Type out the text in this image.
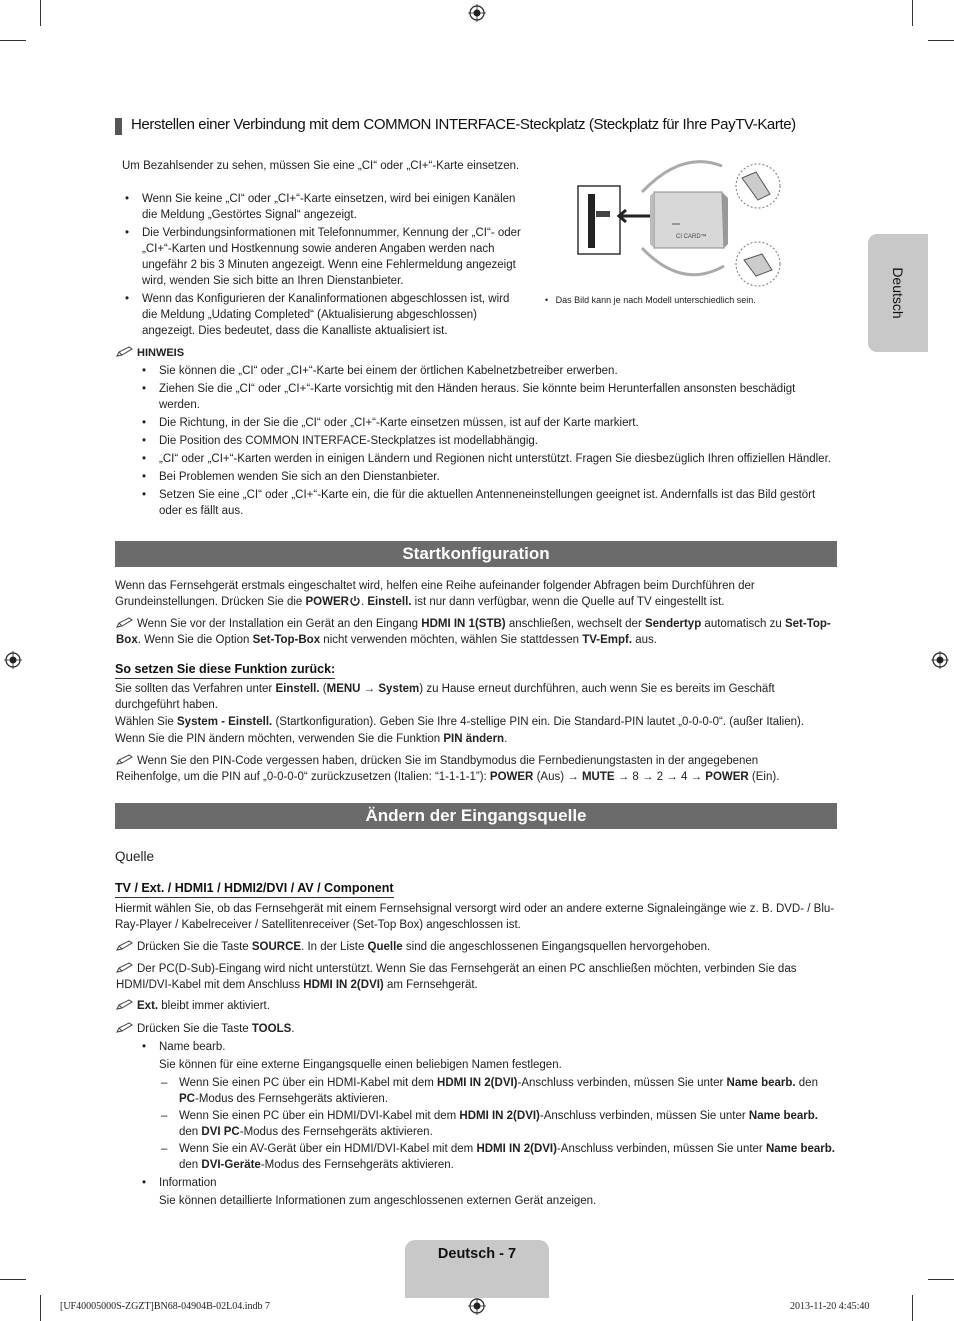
Deutsch
Herstellen einer Verbindung mit dem COMMON INTERFACE-Steckplatz (Steckplatz für Ihre PayTV-Karte)
Um Bezahlsender zu sehen, müssen Sie eine „CI“ oder „CI+“-Karte einsetzen.
• Wenn Sie keine „CI“ oder „CI+“-Karte einsetzen, wird bei einigen Kanälen die Meldung „Gestörtes Signal“ angezeigt.
• Die Verbindungsinformationen mit Telefonnummer, Kennung der „CI“- oder „CI+“-Karten und Hostkennung sowie anderen Angaben werden nach ungefähr 2 bis 3 Minuten angezeigt. Wenn eine Fehlermeldung angezeigt wird, wenden Sie sich bitte an Ihren Dienstanbieter.
• Wenn das Konfigurieren der Kanalinformationen abgeschlossen ist, wird die Meldung „Udating Completed“ (Aktualisierung abgeschlossen) angezeigt. Dies bedeutet, dass die Kanalliste aktualisiert ist.
CI CARD™
•   Das Bild kann je nach Modell unterschiedlich sein.
HINWEIS
• Sie können die „CI“ oder „CI+“-Karte bei einem der örtlichen Kabelnetzbetreiber erwerben.
• Ziehen Sie die „CI“ oder „CI+“-Karte vorsichtig mit den Händen heraus. Sie könnte beim Herunterfallen ansonsten beschädigt werden.
• Die Richtung, in der Sie die „CI“ oder „CI+“-Karte einsetzen müssen, ist auf der Karte markiert.
• Die Position des COMMON INTERFACE-Steckplatzes ist modellabhängig.
• „CI“ oder „CI+“-Karten werden in einigen Ländern und Regionen nicht unterstützt. Fragen Sie diesbezüglich Ihren offiziellen Händler.
• Bei Problemen wenden Sie sich an den Dienstanbieter.
• Setzen Sie eine „CI“ oder „CI+“-Karte ein, die für die aktuellen Antenneneinstellungen geeignet ist. Andernfalls ist das Bild gestört oder es fällt aus.
Startkonfiguration
Wenn das Fernsehgerät erstmals eingeschaltet wird, helfen eine Reihe aufeinander folgender Abfragen beim Durchführen der Grundeinstellungen. Drücken Sie die POWER . Einstell. ist nur dann verfügbar, wenn die Quelle auf TV eingestellt ist.
Wenn Sie vor der Installation ein Gerät an den Eingang HDMI IN 1(STB) anschließen, wechselt der Sendertyp automatisch zu Set-Top-Box. Wenn Sie die Option Set-Top-Box nicht verwenden möchten, wählen Sie stattdessen TV-Empf. aus.
So setzen Sie diese Funktion zurück:
Sie sollten das Verfahren unter Einstell. (MENU → System) zu Hause erneut durchführen, auch wenn Sie es bereits im Geschäft durchgeführt haben.
Wählen Sie System - Einstell. (Startkonfiguration). Geben Sie Ihre 4-stellige PIN ein. Die Standard-PIN lautet „0-0-0-0“. (außer Italien).
Wenn Sie die PIN ändern möchten, verwenden Sie die Funktion PIN ändern.
Wenn Sie den PIN-Code vergessen haben, drücken Sie im Standbymodus die Fernbedienungstasten in der angegebenen Reihenfolge, um die PIN auf „0-0-0-0“ zurückzusetzen (Italien: “1-1-1-1”): POWER (Aus) → MUTE → 8 → 2 → 4 → POWER (Ein).
Ändern der Eingangsquelle
Quelle
TV / Ext. / HDMI1 / HDMI2/DVI / AV / Component
Hiermit wählen Sie, ob das Fernsehgerät mit einem Fernsehsignal versorgt wird oder an andere externe Signaleingänge wie z. B. DVD- / Blu-Ray-Player / Kabelreceiver / Satellitenreceiver (Set-Top Box) angeschlossen ist.
Drücken Sie die Taste SOURCE. In der Liste Quelle sind die angeschlossenen Eingangsquellen hervorgehoben.
Der PC(D-Sub)-Eingang wird nicht unterstützt. Wenn Sie das Fernsehgerät an einen PC anschließen möchten, verbinden Sie das HDMI/DVI-Kabel mit dem Anschluss HDMI IN 2(DVI) am Fernsehgerät.
Ext. bleibt immer aktiviert.
Drücken Sie die Taste TOOLS.
• Name bearb.
Sie können für eine externe Eingangsquelle einen beliebigen Namen festlegen.
– Wenn Sie einen PC über ein HDMI-Kabel mit dem HDMI IN 2(DVI)-Anschluss verbinden, müssen Sie unter Name bearb. den PC-Modus des Fernsehgeräts aktivieren.
– Wenn Sie einen PC über ein HDMI/DVI-Kabel mit dem HDMI IN 2(DVI)-Anschluss verbinden, müssen Sie unter Name bearb. den DVI PC-Modus des Fernsehgeräts aktivieren.
– Wenn Sie ein AV-Gerät über ein HDMI/DVI-Kabel mit dem HDMI IN 2(DVI)-Anschluss verbinden, müssen Sie unter Name bearb. den DVI-Geräte-Modus des Fernsehgeräts aktivieren.
• Information
Sie können detaillierte Informationen zum angeschlossenen externen Gerät anzeigen.
Deutsch - 7
[UF40005000S-ZGZT]BN68-04904B-02L04.indb 7	2013-11-20 4:45:40
